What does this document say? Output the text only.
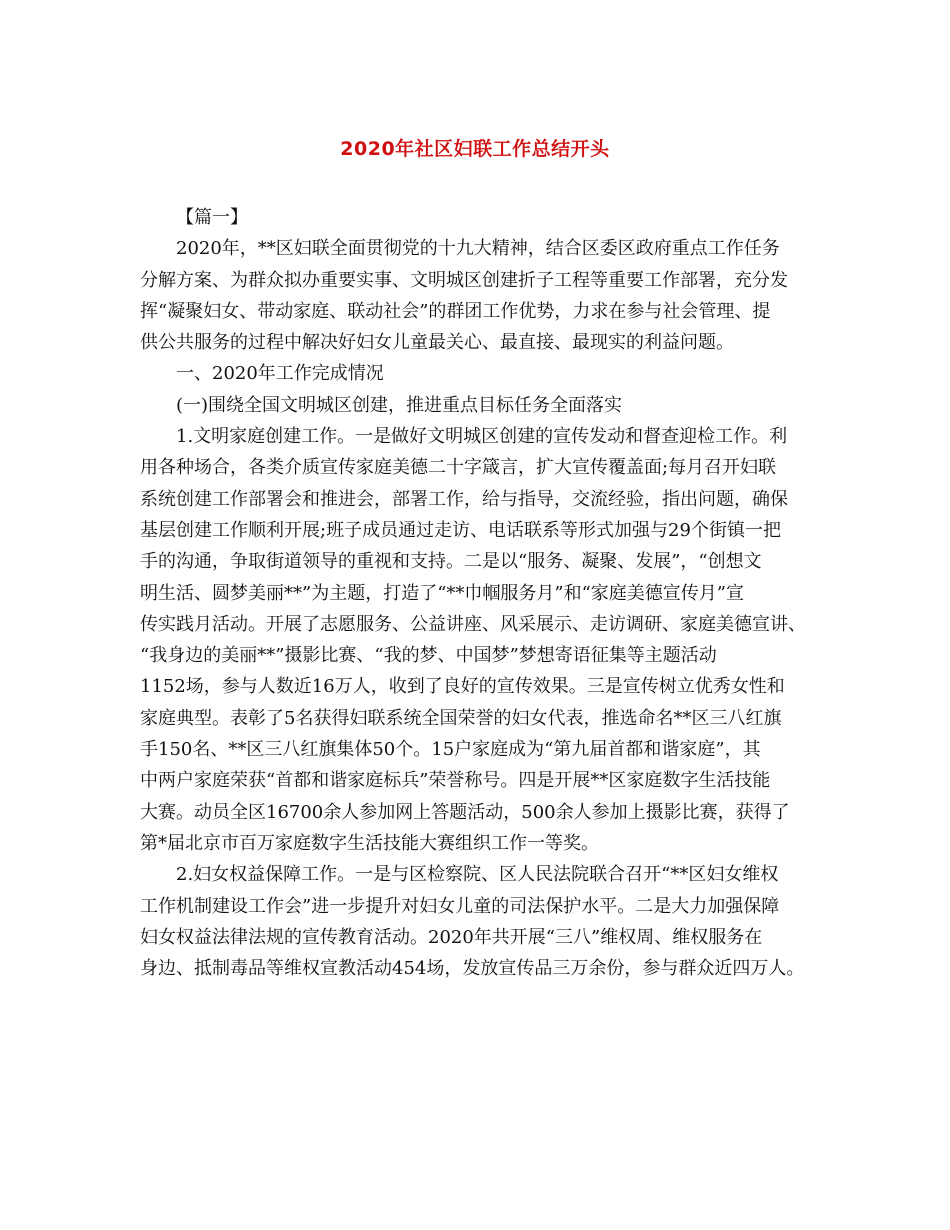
2020年社区妇联工作总结开头
【篇一】
2020年，**区妇联全面贯彻党的十九大精神，结合区委区政府重点工作任务
分解方案、为群众拟办重要实事、文明城区创建折子工程等重要工作部署，充分发
挥“凝聚妇女、带动家庭、联动社会”的群团工作优势，力求在参与社会管理、提
供公共服务的过程中解决好妇女儿童最关心、最直接、最现实的利益问题。
一、2020年工作完成情况
(一)围绕全国文明城区创建，推进重点目标任务全面落实
1.文明家庭创建工作。一是做好文明城区创建的宣传发动和督查迎检工作。利
用各种场合，各类介质宣传家庭美德二十字箴言，扩大宣传覆盖面;每月召开妇联
系统创建工作部署会和推进会，部署工作，给与指导，交流经验，指出问题，确保
基层创建工作顺利开展;班子成员通过走访、电话联系等形式加强与29个街镇一把
手的沟通，争取街道领导的重视和支持。二是以“服务、凝聚、发展”，“创想文
明生活、圆梦美丽**”为主题，打造了“**巾帼服务月”和“家庭美德宣传月”宣
传实践月活动。开展了志愿服务、公益讲座、风采展示、走访调研、家庭美德宣讲、
“我身边的美丽**”摄影比赛、“我的梦、中国梦”梦想寄语征集等主题活动
1152场，参与人数近16万人，收到了良好的宣传效果。三是宣传树立优秀女性和
家庭典型。表彰了5名获得妇联系统全国荣誉的妇女代表，推选命名**区三八红旗
手150名、**区三八红旗集体50个。15户家庭成为“第九届首都和谐家庭”，其
中两户家庭荣获“首都和谐家庭标兵”荣誉称号。四是开展**区家庭数字生活技能
大赛。动员全区16700余人参加网上答题活动，500余人参加上摄影比赛，获得了
第*届北京市百万家庭数字生活技能大赛组织工作一等奖。
2.妇女权益保障工作。一是与区检察院、区人民法院联合召开“**区妇女维权
工作机制建设工作会”进一步提升对妇女儿童的司法保护水平。二是大力加强保障
妇女权益法律法规的宣传教育活动。2020年共开展“三八”维权周、维权服务在
身边、抵制毒品等维权宣教活动454场，发放宣传品三万余份，参与群众近四万人。
